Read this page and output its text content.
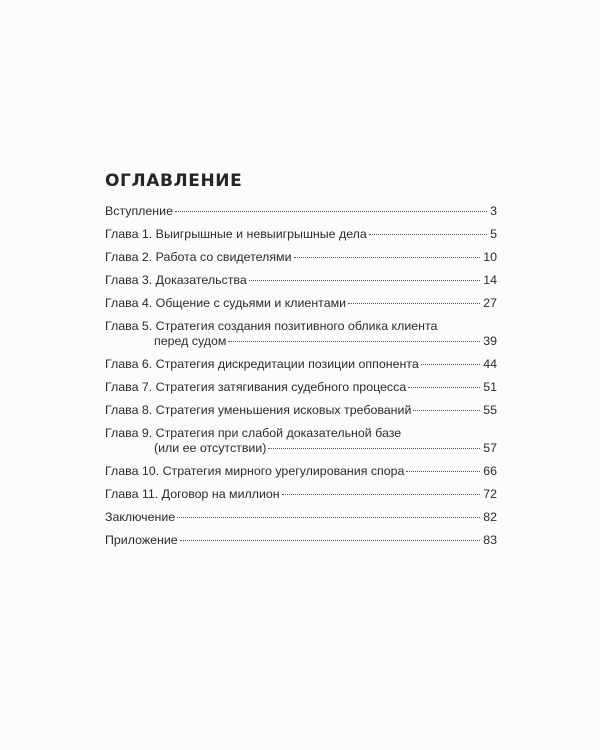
ОГЛАВЛЕНИЕ
Вступление	3
Глава 1. Выигрышные и невыигрышные дела	5
Глава 2. Работа со свидетелями	10
Глава 3. Доказательства	14
Глава 4. Общение с судьями и клиентами	27
Глава 5. Стратегия создания позитивного облика клиента
перед судом	39
Глава 6. Стратегия дискредитации позиции оппонента	44
Глава 7. Стратегия затягивания судебного процесса	51
Глава 8. Стратегия уменьшения исковых требований	55
Глава 9. Стратегия при слабой доказательной базе
(или ее отсутствии)	57
Глава 10. Стратегия мирного урегулирования спора	66
Глава 11. Договор на миллион	72
Заключение	82
Приложение	83
